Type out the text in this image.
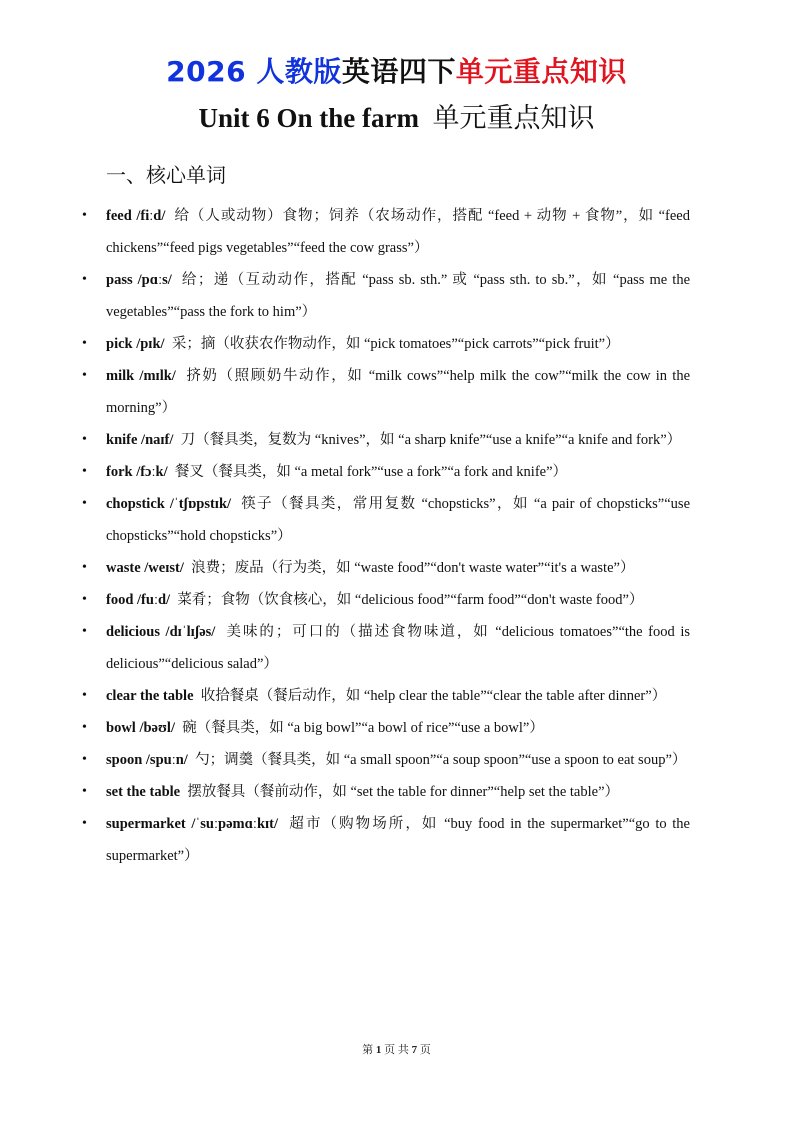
2026 人教版英语四下单元重点知识
Unit 6 On the farm 单元重点知识
一、核心单词
• feed /fiːd/ 给（人或动物）食物；饲养（农场动作，搭配 “feed + 动物 + 食物”，如 “feed chickens”“feed pigs vegetables”“feed the cow grass”）
• pass /pɑːs/ 给；递（互动动作，搭配 “pass sb. sth.” 或 “pass sth. to sb.”，如 “pass me the vegetables”“pass the fork to him”）
• pick /pɪk/ 采；摘（收获农作物动作，如 “pick tomatoes”“pick carrots”“pick fruit”）
• milk /mɪlk/ 挤奶（照顾奶牛动作，如 “milk cows”“help milk the cow”“milk the cow in the morning”）
• knife /naɪf/ 刀（餐具类，复数为 “knives”，如 “a sharp knife”“use a knife”“a knife and fork”）
• fork /fɔːk/ 餐叉（餐具类，如 “a metal fork”“use a fork”“a fork and knife”）
• chopstick /ˈtʃɒpstɪk/ 筷子（餐具类，常用复数 “chopsticks”，如 “a pair of chopsticks”“use chopsticks”“hold chopsticks”）
• waste /weɪst/ 浪费；废品（行为类，如 “waste food”“don't waste water”“it's a waste”）
• food /fuːd/ 菜肴；食物（饮食核心，如 “delicious food”“farm food”“don't waste food”）
• delicious /dɪˈlɪʃəs/ 美味的；可口的（描述食物味道，如 “delicious tomatoes”“the food is delicious”“delicious salad”）
• clear the table 收拾餐桌（餐后动作，如 “help clear the table”“clear the table after dinner”）
• bowl /bəʊl/ 碗（餐具类，如 “a big bowl”“a bowl of rice”“use a bowl”）
• spoon /spuːn/ 勺；调羹（餐具类，如 “a small spoon”“a soup spoon”“use a spoon to eat soup”）
• set the table 摆放餐具（餐前动作，如 “set the table for dinner”“help set the table”）
• supermarket /ˈsuːpəmɑːkɪt/ 超市（购物场所，如 “buy food in the supermarket”“go to the supermarket”）
第 1 页 共 7 页
